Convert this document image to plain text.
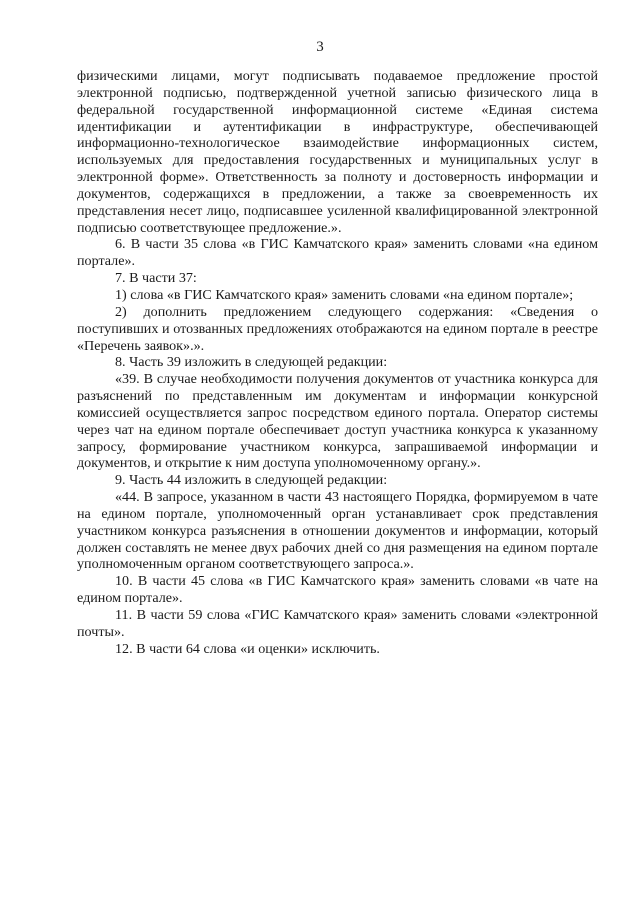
3

физическими лицами, могут подписывать подаваемое предложение простой электронной подписью, подтвержденной учетной записью физического лица в федеральной государственной информационной системе «Единая система идентификации и аутентификации в инфраструктуре, обеспечивающей информационно-технологическое взаимодействие информационных систем, используемых для предоставления государственных и муниципальных услуг в электронной форме». Ответственность за полноту и достоверность информации и документов, содержащихся в предложении, а также за своевременность их представления несет лицо, подписавшее усиленной квалифицированной электронной подписью соответствующее предложение.».

6. В части 35 слова «в ГИС Камчатского края» заменить словами «на едином портале».

7. В части 37:

1) слова «в ГИС Камчатского края» заменить словами «на едином портале»;

2) дополнить предложением следующего содержания: «Сведения о поступивших и отозванных предложениях отображаются на едином портале в реестре «Перечень заявок».».

8. Часть 39 изложить в следующей редакции:

«39. В случае необходимости получения документов от участника конкурса для разъяснений по представленным им документам и информации конкурсной комиссией осуществляется запрос посредством единого портала. Оператор системы через чат на едином портале обеспечивает доступ участника конкурса к указанному запросу, формирование участником конкурса, запрашиваемой информации и документов, и открытие к ним доступа уполномоченному органу.».

9. Часть 44 изложить в следующей редакции:

«44. В запросе, указанном в части 43 настоящего Порядка, формируемом в чате на едином портале, уполномоченный орган устанавливает срок представления участником конкурса разъяснения в отношении документов и информации, который должен составлять не менее двух рабочих дней со дня размещения на едином портале уполномоченным органом соответствующего запроса.».

10. В части 45 слова «в ГИС Камчатского края» заменить словами «в чате на едином портале».

11. В части 59 слова «ГИС Камчатского края» заменить словами «электронной почты».

12. В части 64 слова «и оценки» исключить.
